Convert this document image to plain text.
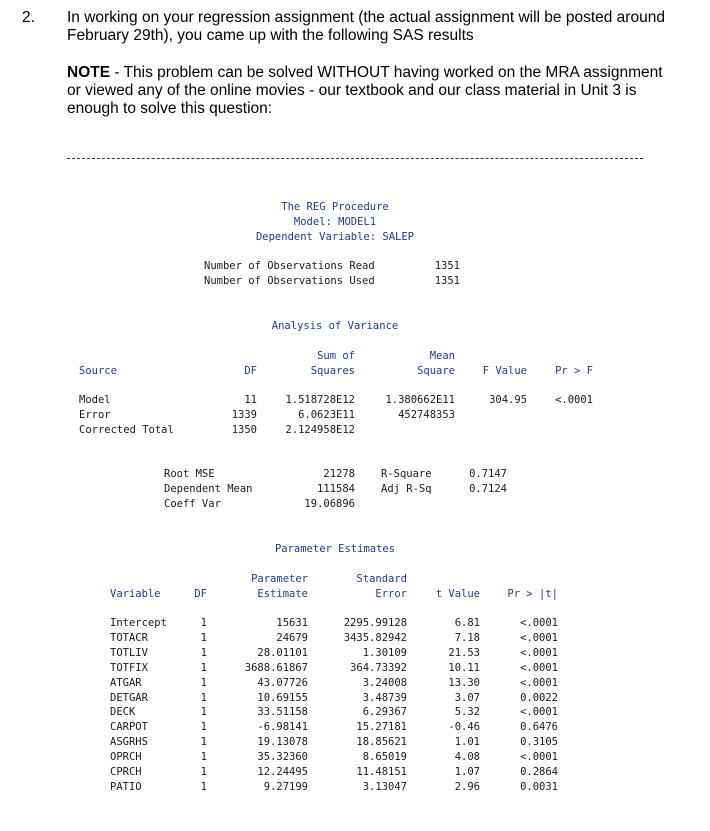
2. In working on your regression assignment (the actual assignment will be posted around February 29th), you came up with the following SAS results
NOTE - This problem can be solved WITHOUT having worked on the MRA assignment or viewed any of the online movies - our textbook and our class material in Unit 3 is enough to solve this question:
The REG Procedure
Model: MODEL1
Dependent Variable: SALEP
Number of Observations Read	1351
Number of Observations Used	1351
Analysis of Variance
Sum of	Mean
Source	DF	Squares	Square	F Value	Pr > F
Model	11	1.518728E12	1.380662E11	304.95	<.0001
Error	1339	6.0623E11	452748353
Corrected Total	1350	2.124958E12
Root MSE	21278 R-Square	0.7147
Dependent Mean	111584 Adj R-Sq	0.7124
Coeff Var	19.06896
Parameter Estimates
Parameter	Standard
Variable	DF	Estimate	Error	t Value	Pr > |t|
Intercept	1	15631	2295.99128	6.81	<.0001
TOTACR	1	24679	3435.82942	7.18	<.0001
TOTLIV	1	28.01101	1.30109	21.53	<.0001
TOTFIX	1	3688.61867	364.73392	10.11	<.0001
ATGAR	1	43.07726	3.24008	13.30	<.0001
DETGAR	1	10.69155	3.48739	3.07	0.0022
DECK	1	33.51158	6.29367	5.32	<.0001
CARPOT	1	-6.98141	15.27181	-0.46	0.6476
ASGRHS	1	19.13078	18.85621	1.01	0.3105
OPRCH	1	35.32360	8.65019	4.08	<.0001
CPRCH	1	12.24495	11.48151	1.07	0.2864
PATIO	1	9.27199	3.13047	2.96	0.0031
